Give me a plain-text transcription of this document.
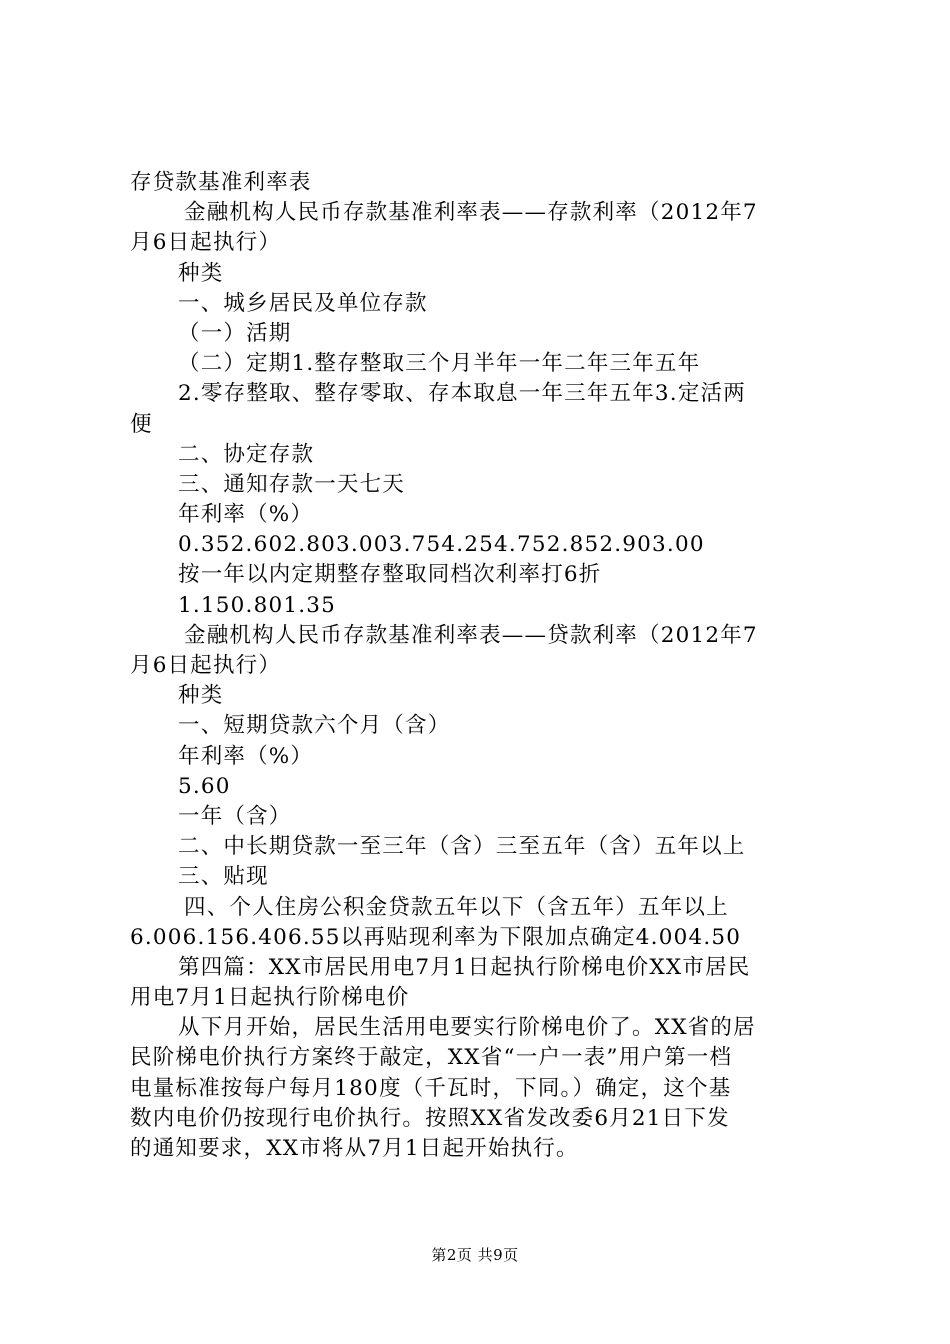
存贷款基准利率表
金融机构人民币存款基准利率表——存款利率（2012年7
月6日起执行）
种类
一、城乡居民及单位存款
（一）活期
（二）定期1.整存整取三个月半年一年二年三年五年
2.零存整取、整存零取、存本取息一年三年五年3.定活两
便
二、协定存款
三、通知存款一天七天
年利率（%）
0.352.602.803.003.754.254.752.852.903.00
按一年以内定期整存整取同档次利率打6折
1.150.801.35
金融机构人民币存款基准利率表——贷款利率（2012年7
月6日起执行）
种类
一、短期贷款六个月（含）
年利率（%）
5.60
一年（含）
二、中长期贷款一至三年（含）三至五年（含）五年以上
三、贴现
四、个人住房公积金贷款五年以下（含五年）五年以上
6.006.156.406.55以再贴现利率为下限加点确定4.004.50
第四篇：XX市居民用电7月1日起执行阶梯电价XX市居民
用电7月1日起执行阶梯电价
从下月开始，居民生活用电要实行阶梯电价了。XX省的居
民阶梯电价执行方案终于敲定，XX省“一户一表”用户第一档
电量标准按每户每月180度（千瓦时，下同。）确定，这个基
数内电价仍按现行电价执行。按照XX省发改委6月21日下发
的通知要求，XX市将从7月1日起开始执行。
第2页 共9页
